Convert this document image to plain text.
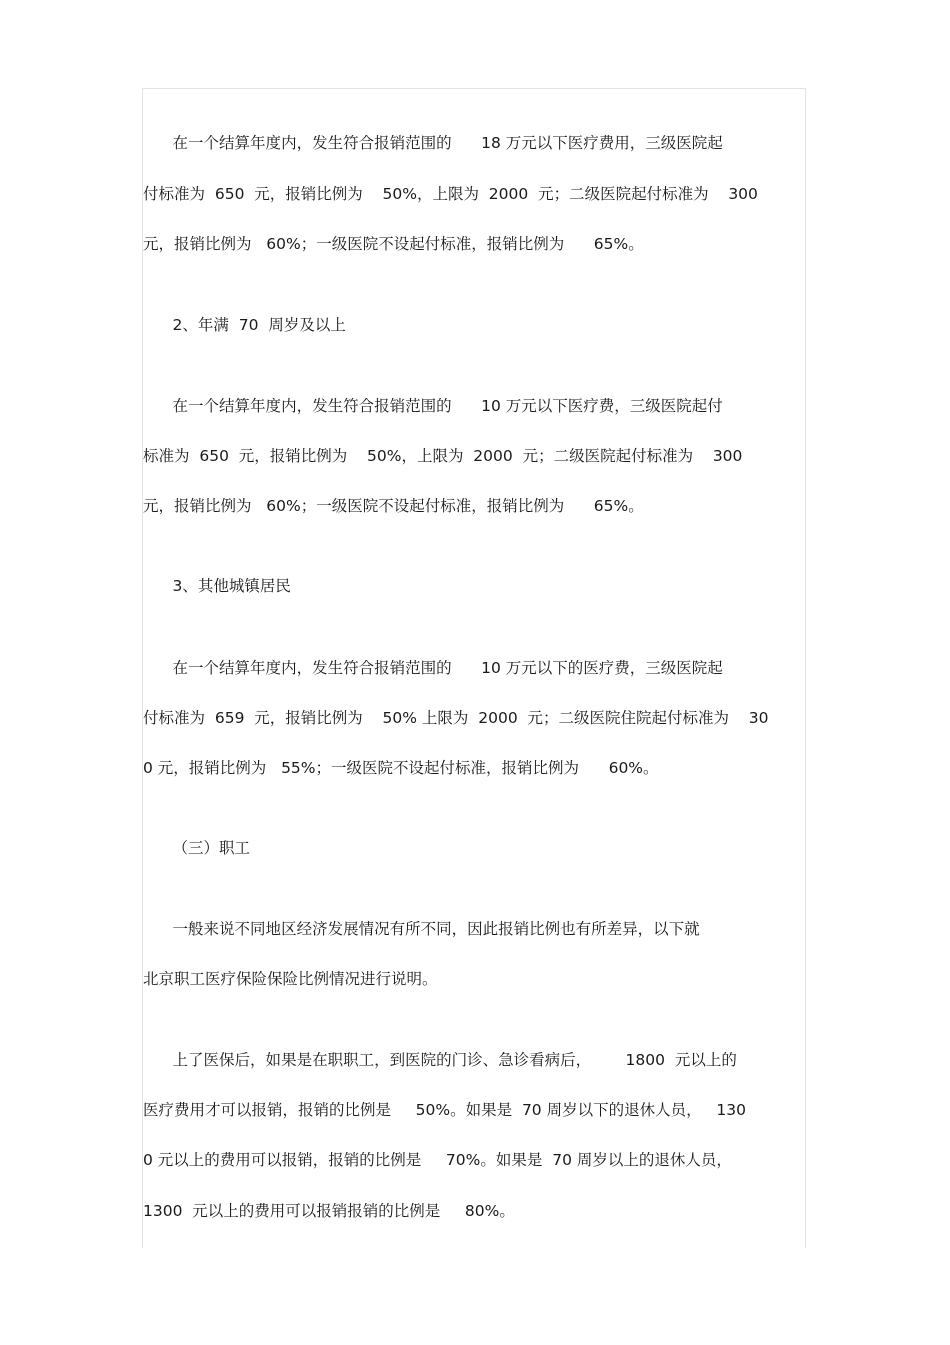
在一个结算年度内，发生符合报销范围的      18 万元以下医疗费用，三级医院起
付标准为  650  元，报销比例为    50%，上限为  2000  元；二级医院起付标准为    300
元，报销比例为   60%；一级医院不设起付标准，报销比例为      65%。
2、年满  70  周岁及以上
在一个结算年度内，发生符合报销范围的      10 万元以下医疗费，三级医院起付
标准为  650  元，报销比例为    50%，上限为  2000  元；二级医院起付标准为    300
元，报销比例为   60%；一级医院不设起付标准，报销比例为      65%。
3、其他城镇居民
在一个结算年度内，发生符合报销范围的      10 万元以下的医疗费，三级医院起
付标准为  659  元，报销比例为    50% 上限为  2000  元；二级医院住院起付标准为    30
0 元，报销比例为   55%；一级医院不设起付标准，报销比例为      60%。
（三）职工
一般来说不同地区经济发展情况有所不同，因此报销比例也有所差异，以下就
北京职工医疗保险保险比例情况进行说明。
上了医保后，如果是在职职工，到医院的门诊、急诊看病后，       1800  元以上的
医疗费用才可以报销，报销的比例是     50%。如果是  70 周岁以下的退休人员，   130
0 元以上的费用可以报销，报销的比例是     70%。如果是  70 周岁以上的退休人员，
1300  元以上的费用可以报销报销的比例是     80%。
